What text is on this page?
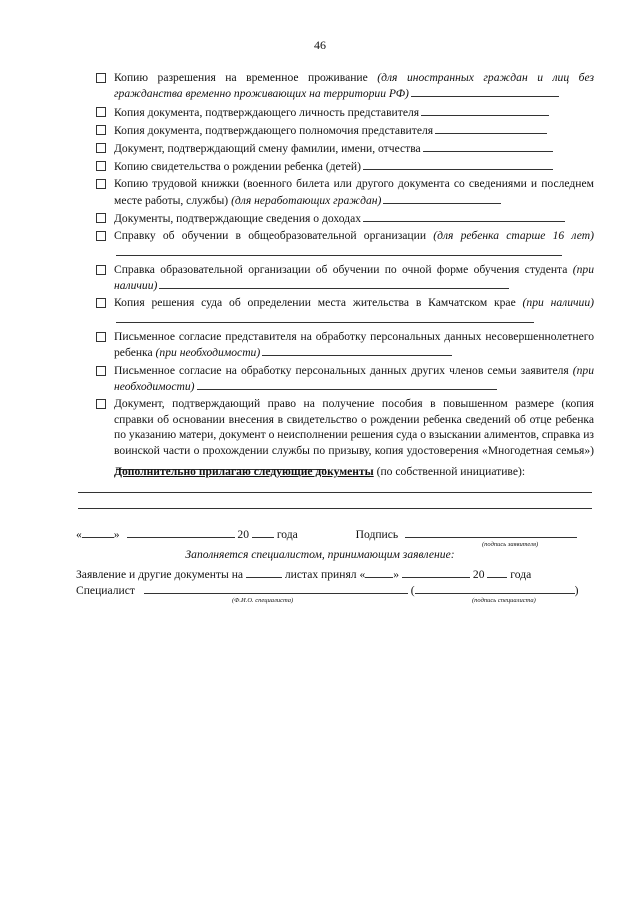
46
Копию разрешения на временное проживание (для иностранных граждан и лиц без гражданства временно проживающих на территории РФ)
Копия документа, подтверждающего личность представителя
Копия документа, подтверждающего полномочия представителя
Документ, подтверждающий смену фамилии, имени, отчества
Копию свидетельства о рождении ребенка (детей)
Копию трудовой книжки (военного билета или другого документа со сведениями и последнем месте работы, службы) (для неработающих граждан)
Документы, подтверждающие сведения о доходах
Справку об обучении в общеобразовательной организации (для ребенка старше 16 лет)
Справка образовательной организации об обучении по очной форме обучения студента (при наличии)
Копия решения суда об определении места жительства в Камчатском крае (при наличии)
Письменное согласие представителя на обработку персональных данных несовершеннолетнего ребенка (при необходимости)
Письменное согласие на обработку персональных данных других членов семьи заявителя (при необходимости)
Документ, подтверждающий право на получение пособия в повышенном размере (копия справки об основании внесения в свидетельство о рождении ребенка сведений об отце ребенка по указанию матери, документ о неисполнении решения суда о взыскании алиментов, справка из воинской части о прохождении службы по призыву, копия удостоверения «Многодетная семья»)
Дополнительно прилагаю следующие документы (по собственной инициативе):
«	»	20 года	Подпись
(подпись заявителя)
Заполняется специалистом, принимающим заявление:
Заявление и другие документы на	листах принял « »	20 года
Специалист	(	)
(Ф.И.О. специалиста)	(подпись специалиста)
